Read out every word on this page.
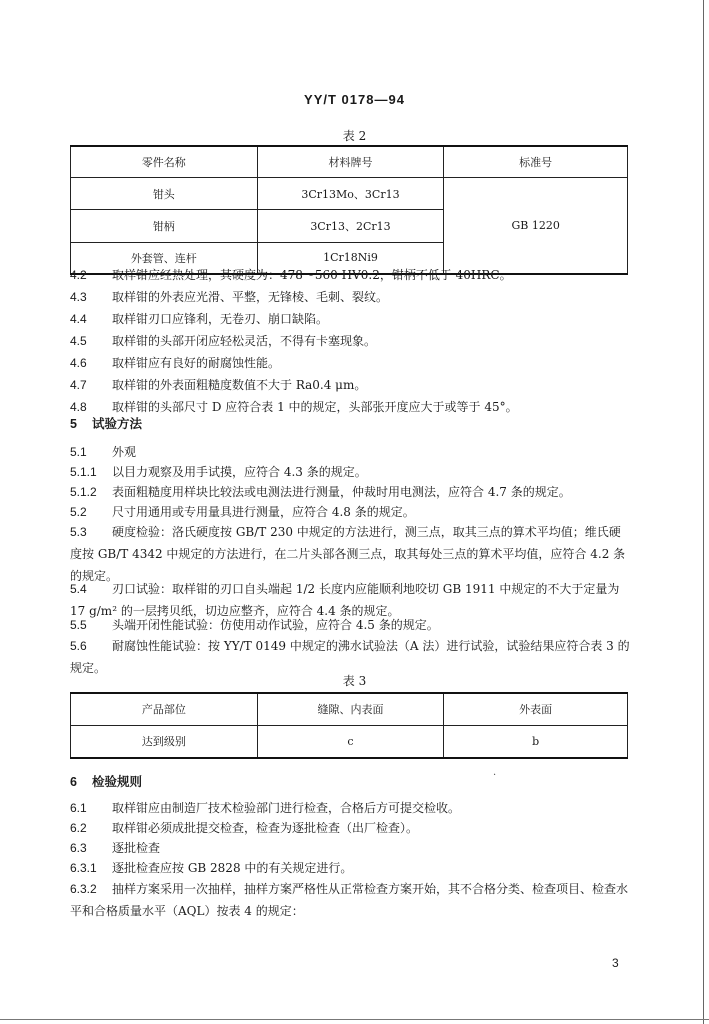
YY/T 0178—94
表 2
零件名称	材料牌号	标准号
钳头	3Cr13Mo、3Cr13	GB 1220
钳柄	3Cr13、2Cr13	
外套管、连杆	1Cr18Ni9	
4.2 取样钳应经热处理，其硬度为：478～560 HV0.2，钳柄不低于 40HRC。
4.3 取样钳的外表应光滑、平整，无锋棱、毛刺、裂纹。
4.4 取样钳刃口应锋利，无卷刃、崩口缺陷。
4.5 取样钳的头部开闭应轻松灵活，不得有卡塞现象。
4.6 取样钳应有良好的耐腐蚀性能。
4.7 取样钳的外表面粗糙度数值不大于 Ra0.4 μm。
4.8 取样钳的头部尺寸 D 应符合表 1 中的规定，头部张开度应大于或等于 45°。
5 试验方法
5.1 外观
5.1.1 以目力观察及用手试摸，应符合 4.3 条的规定。
5.1.2 表面粗糙度用样块比较法或电测法进行测量，仲裁时用电测法，应符合 4.7 条的规定。
5.2 尺寸用通用或专用量具进行测量，应符合 4.8 条的规定。
5.3 硬度检验：洛氏硬度按 GB/T 230 中规定的方法进行，测三点，取其三点的算术平均值；维氏硬度按 GB/T 4342 中规定的方法进行，在二片头部各测三点，取其每处三点的算术平均值，应符合 4.2 条的规定。
5.4 刃口试验：取样钳的刃口自头端起 1/2 长度内应能顺利地咬切 GB 1911 中规定的不大于定量为 17 g/m² 的一层拷贝纸，切边应整齐，应符合 4.4 条的规定。
5.5 头端开闭性能试验：仿使用动作试验，应符合 4.5 条的规定。
5.6 耐腐蚀性能试验：按 YY/T 0149 中规定的沸水试验法（A 法）进行试验，试验结果应符合表 3 的规定。
表 3
产品部位	缝隙、内表面	外表面
达到级别	c	b
·
6 检验规则
6.1 取样钳应由制造厂技术检验部门进行检查，合格后方可提交检收。
6.2 取样钳必须成批提交检查，检查为逐批检查（出厂检查）。
6.3 逐批检查
6.3.1 逐批检查应按 GB 2828 中的有关规定进行。
6.3.2 抽样方案采用一次抽样，抽样方案严格性从正常检查方案开始，其不合格分类、检查项目、检查水平和合格质量水平（AQL）按表 4 的规定：
3
